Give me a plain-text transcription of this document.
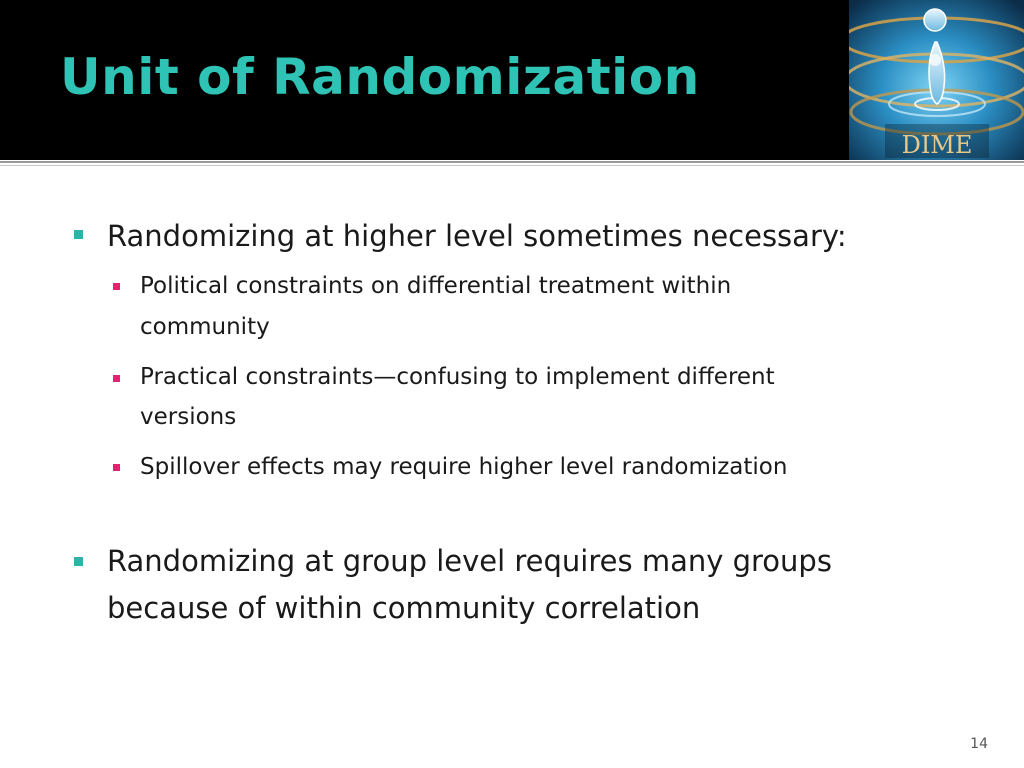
Unit of Randomization
DIME
Randomizing at higher level sometimes necessary:
Political constraints on differential treatment within
community
Practical constraints—confusing to implement different
versions
Spillover effects may require higher level randomization
Randomizing at group level requires many groups
because of within community correlation
14
